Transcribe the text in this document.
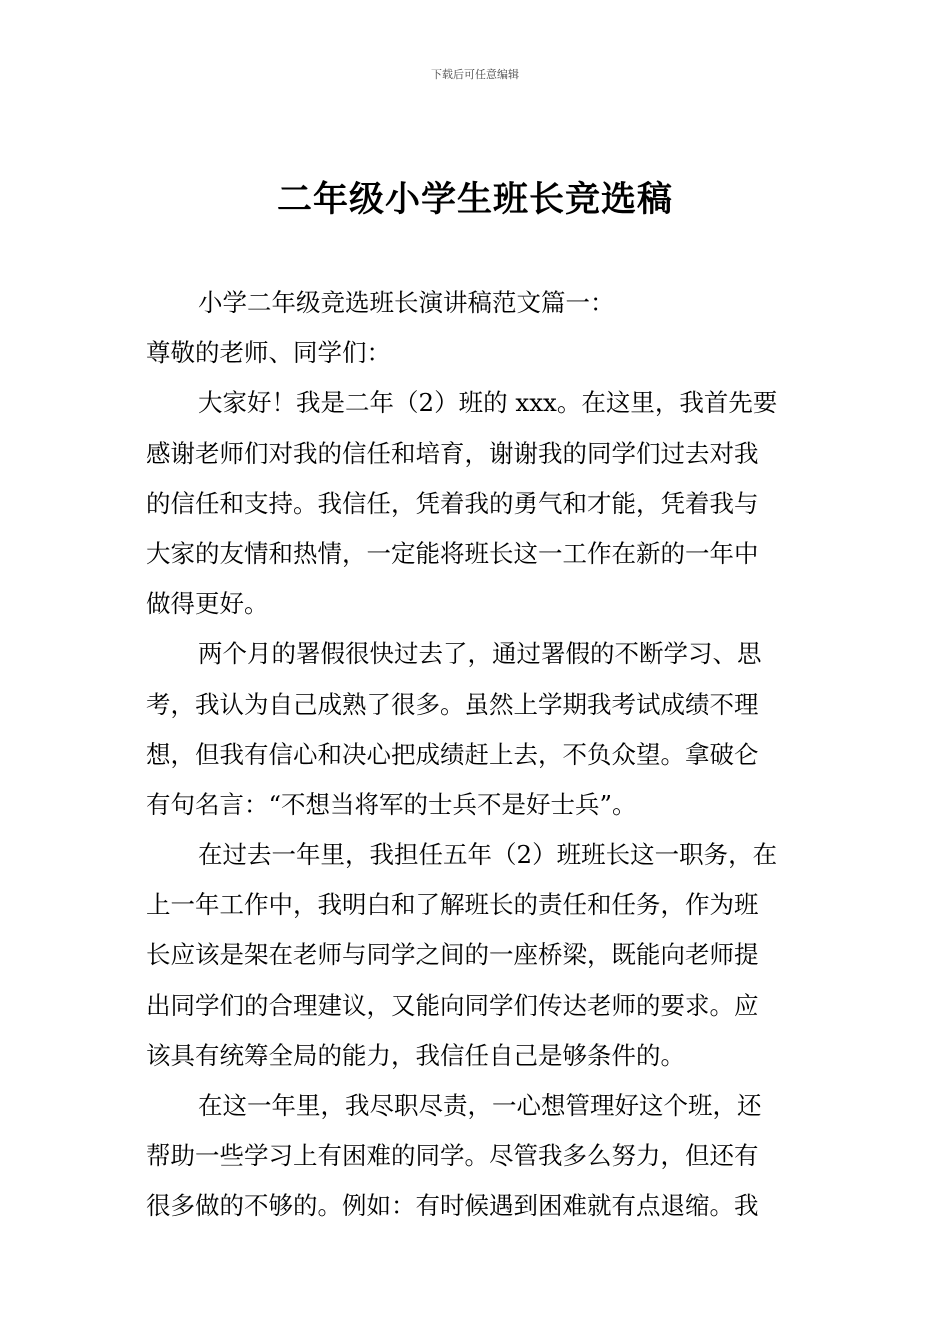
下载后可任意编辑
二年级小学生班长竞选稿
小学二年级竞选班长演讲稿范文篇一：
尊敬的老师、同学们：
大家好！我是二年（2）班的 xxx。在这里，我首先要
感谢老师们对我的信任和培育，谢谢我的同学们过去对我
的信任和支持。我信任，凭着我的勇气和才能，凭着我与
大家的友情和热情，一定能将班长这一工作在新的一年中
做得更好。
两个月的署假很快过去了，通过署假的不断学习、思
考，我认为自己成熟了很多。虽然上学期我考试成绩不理
想，但我有信心和决心把成绩赶上去，不负众望。拿破仑
有句名言：“不想当将军的士兵不是好士兵”。
在过去一年里，我担任五年（2）班班长这一职务，在
上一年工作中，我明白和了解班长的责任和任务，作为班
长应该是架在老师与同学之间的一座桥梁，既能向老师提
出同学们的合理建议，又能向同学们传达老师的要求。应
该具有统筹全局的能力，我信任自己是够条件的。
在这一年里，我尽职尽责，一心想管理好这个班，还
帮助一些学习上有困难的同学。尽管我多么努力，但还有
很多做的不够的。例如：有时候遇到困难就有点退缩。我
